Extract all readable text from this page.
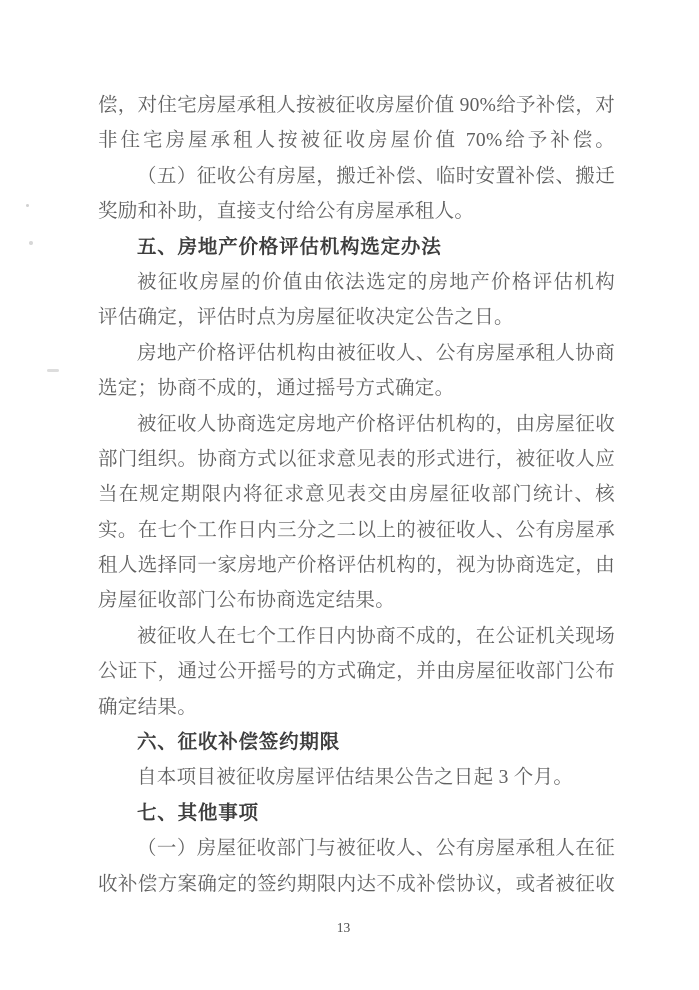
偿，对住宅房屋承租人按被征收房屋价值 90%给予补偿，对
非住宅房屋承租人按被征收房屋价值 70%给予补偿。
（五）征收公有房屋，搬迁补偿、临时安置补偿、搬迁
奖励和补助，直接支付给公有房屋承租人。
五、房地产价格评估机构选定办法
被征收房屋的价值由依法选定的房地产价格评估机构
评估确定，评估时点为房屋征收决定公告之日。
房地产价格评估机构由被征收人、公有房屋承租人协商
选定；协商不成的，通过摇号方式确定。
被征收人协商选定房地产价格评估机构的，由房屋征收
部门组织。协商方式以征求意见表的形式进行，被征收人应
当在规定期限内将征求意见表交由房屋征收部门统计、核
实。在七个工作日内三分之二以上的被征收人、公有房屋承
租人选择同一家房地产价格评估机构的，视为协商选定，由
房屋征收部门公布协商选定结果。
被征收人在七个工作日内协商不成的，在公证机关现场
公证下，通过公开摇号的方式确定，并由房屋征收部门公布
确定结果。
六、征收补偿签约期限
自本项目被征收房屋评估结果公告之日起 3 个月。
七、其他事项
（一）房屋征收部门与被征收人、公有房屋承租人在征
收补偿方案确定的签约期限内达不成补偿协议，或者被征收
13
